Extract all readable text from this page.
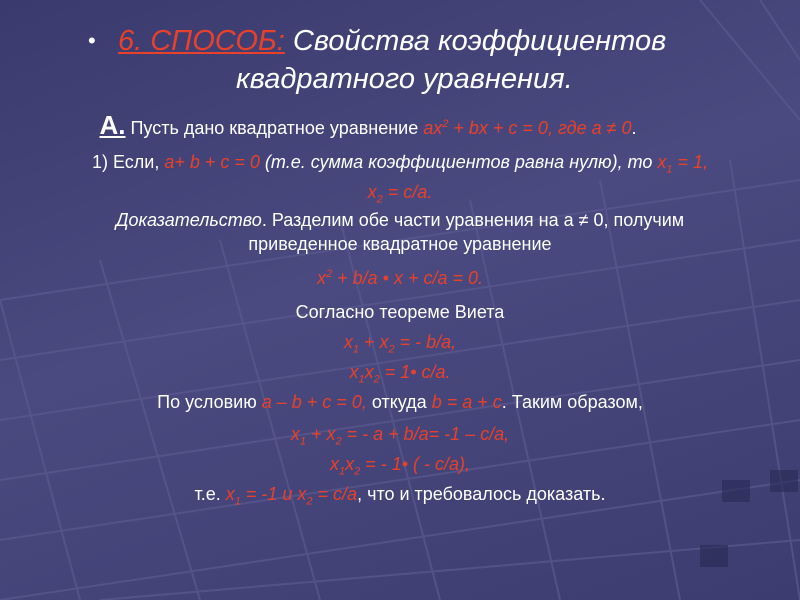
• 6. СПОСОБ: Свойства коэффициентов
квадратного уравнения.
А. Пусть дано квадратное уравнение $ax^2$ + bx + c = 0, где а ≠ 0.
1) Если, а+ b + c = 0 (т.е. сумма коэффициентов равна нулю), то $x_1 = 1$,
$x_2 = c/a$.
Доказательство. Разделим обе части уравнения на а ≠ 0, получим
приведенное квадратное уравнение
$x^2 + b/a$ • x + c/a = 0.
Согласно теореме Виета
$x_1 + x_2$ = - b/a,
$x_1x_2$ = 1• c/a.
По условию а – b + c = 0, откуда b = а + с. Таким образом,
$x_1 + x_2$ = - а + b/a= -1 – c/a,
$x_1x_2$ = - 1• ( - c/a),
т.е. $х_1 = -1$ и $х_2 = с/а$, что и требовалось доказать.
